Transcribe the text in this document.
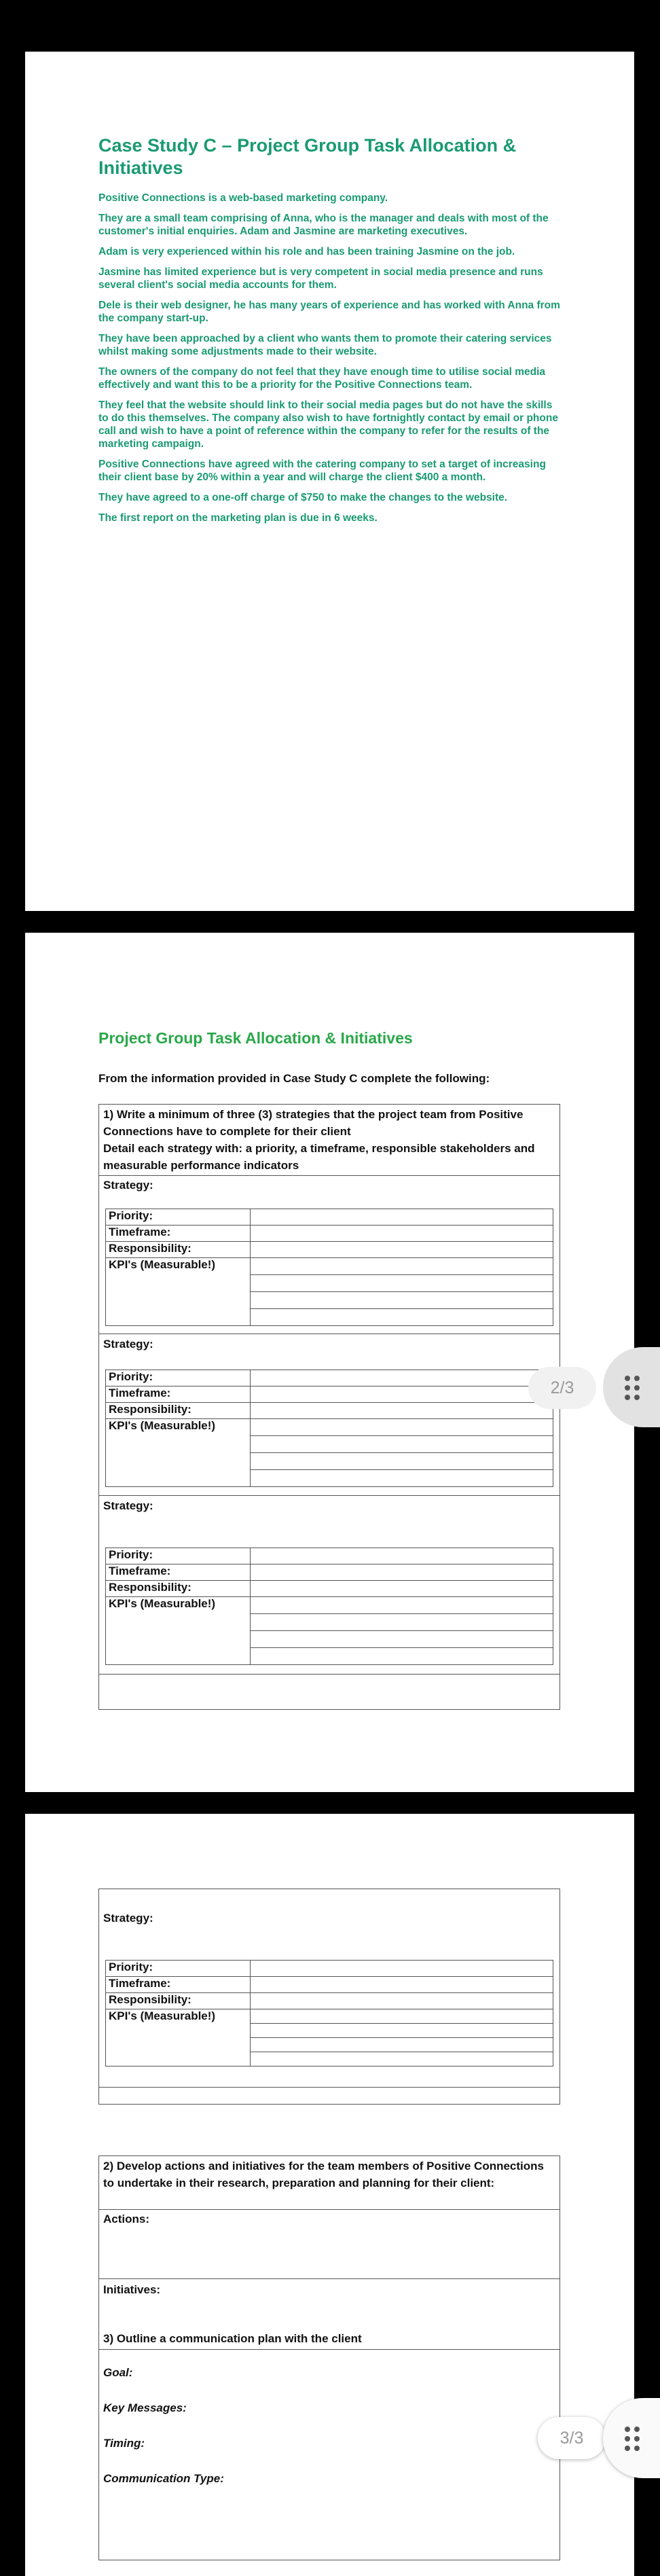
Case Study C – Project Group Task Allocation & Initiatives

Positive Connections is a web-based marketing company.

They are a small team comprising of Anna, who is the manager and deals with most of the customer's initial enquiries. Adam and Jasmine are marketing executives.

Adam is very experienced within his role and has been training Jasmine on the job.

Jasmine has limited experience but is very competent in social media presence and runs several client's social media accounts for them.

Dele is their web designer, he has many years of experience and has worked with Anna from the company start-up.

They have been approached by a client who wants them to promote their catering services whilst making some adjustments made to their website.

The owners of the company do not feel that they have enough time to utilise social media effectively and want this to be a priority for the Positive Connections team.

They feel that the website should link to their social media pages but do not have the skills to do this themselves. The company also wish to have fortnightly contact by email or phone call and wish to have a point of reference within the company to refer for the results of the marketing campaign.

Positive Connections have agreed with the catering company to set a target of increasing their client base by 20% within a year and will charge the client $400 a month.

They have agreed to a one-off charge of $750 to make the changes to the website.

The first report on the marketing plan is due in 6 weeks.

Project Group Task Allocation & Initiatives
From the information provided in Case Study C complete the following:
1) Write a minimum of three (3) strategies that the project team from Positive Connections have to complete for their client
Detail each strategy with: a priority, a timeframe, responsible stakeholders and measurable performance indicators
Strategy:
Priority:	
Timeframe:	
Responsibility:	
KPI's (Measurable!)	
Strategy:
Priority:	
Timeframe:	
Responsibility:	
KPI's (Measurable!)	
Strategy:
Priority:	
Timeframe:	
Responsibility:	
KPI's (Measurable!)	
Strategy:
Priority:	
Timeframe:	
Responsibility:	
KPI's (Measurable!)	
2) Develop actions and initiatives for the team members of Positive Connections to undertake in their research, preparation and planning for their client:
Actions:
Initiatives:
3) Outline a communication plan with the client
Goal:
Key Messages:
Timing:
Communication Type:
2/3
3/3
